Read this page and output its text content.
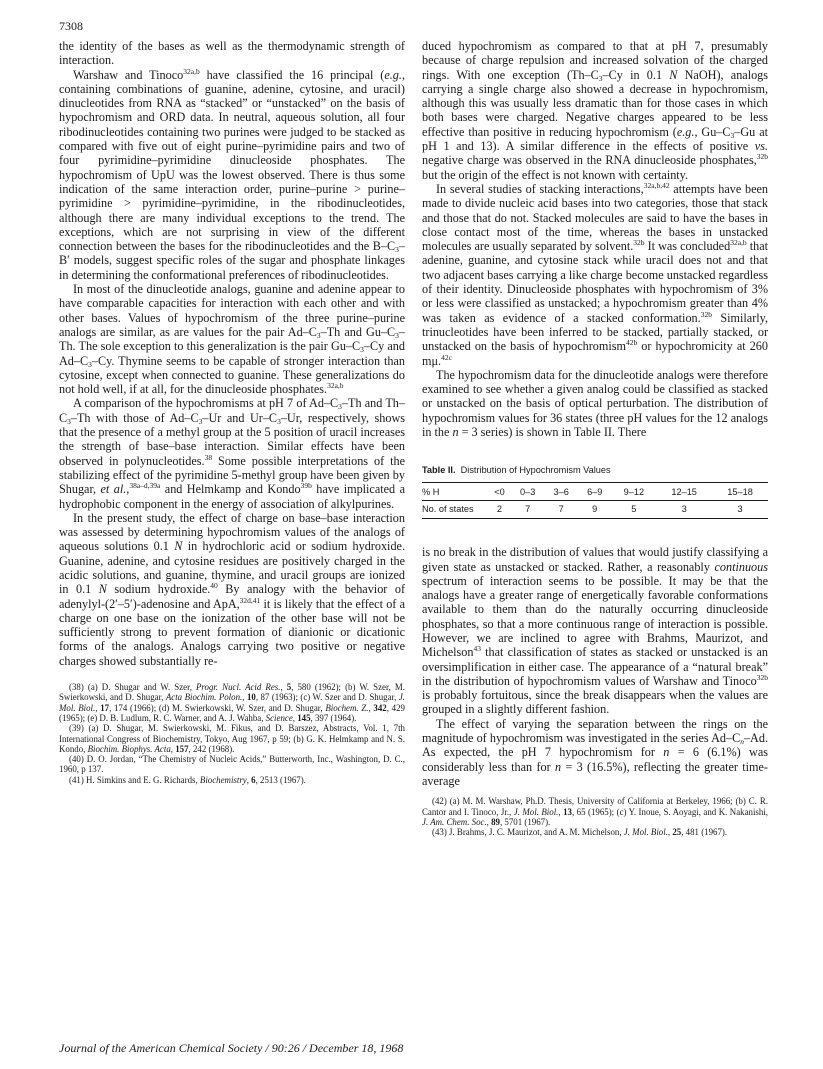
7308

the identity of the bases as well as the thermodynamic strength of interaction.

Warshaw and Tinoco$^{32a,b}$ have classified the 16 principal (e.g., containing combinations of guanine, adenine, cytosine, and uracil) dinucleotides from RNA as “stacked” or “unstacked” on the basis of hypochromism and ORD data. In neutral, aqueous solution, all four ribodinucleotides containing two purines were judged to be stacked as compared with five out of eight purine–pyrimidine pairs and two of four pyrimidine–pyrimidine dinucleoside phosphates. The hypochromism of UpU was the lowest observed. There is thus some indication of the same interaction order, purine–purine > purine–pyrimidine > pyrimidine–pyrimidine, in the ribodinucleotides, although there are many individual exceptions to the trend. The exceptions, which are not surprising in view of the different connection between the bases for the ribodinucleotides and the $B-C_3-B'$ models, suggest specific roles of the sugar and phosphate linkages in determining the conformational preferences of ribodinucleotides.

In most of the dinucleotide analogs, guanine and adenine appear to have comparable capacities for interaction with each other and with other bases. Values of hypochromism of the three purine–purine analogs are similar, as are values for the pair $Ad-C_3-Th$ and $Gu-C_3-Th$. The sole exception to this generalization is the pair $Gu-C_3-Cy$ and $Ad-C_3-Cy$. Thymine seems to be capable of stronger interaction than cytosine, except when connected to guanine. These generalizations do not hold well, if at all, for the dinucleoside phosphates.$^{32a,b}$

A comparison of the hypochromisms at pH 7 of $Ad-C_3-Th$ and $Th-C_3-Th$ with those of $Ad-C_3-Ur$ and $Ur-C_3-Ur$, respectively, shows that the presence of a methyl group at the 5 position of uracil increases the strength of base–base interaction. Similar effects have been observed in polynucleotides.$^{38}$ Some possible interpretations of the stabilizing effect of the pyrimidine 5-methyl group have been given by Shugar, et al.,$^{38a-d,39a}$ and Helmkamp and Kondo$^{39b}$ have implicated a hydrophobic component in the energy of association of alkylpurines.

In the present study, the effect of charge on base–base interaction was assessed by determining hypochromism values of the analogs of aqueous solutions 0.1 N in hydrochloric acid or sodium hydroxide. Guanine, adenine, and cytosine residues are positively charged in the acidic solutions, and guanine, thymine, and uracil groups are ionized in 0.1 N sodium hydroxide.$^{40}$ By analogy with the behavior of adenylyl-(2′–5′)-adenosine and ApA,$^{32d,41}$ it is likely that the effect of a charge on one base on the ionization of the other base will not be sufficiently strong to prevent formation of dianionic or dicationic forms of the analogs. Analogs carrying two positive or negative charges showed substantially re-

(38) (a) D. Shugar and W. Szer, Progr. Nucl. Acid Res., 5, 580 (1962); (b) W. Szer, M. Swierkowski, and D. Shugar, Acta Biochim. Polon., 10, 87 (1963); (c) W. Szer and D. Shugar, J. Mol. Biol., 17, 174 (1966); (d) M. Swierkowski, W. Szer, and D. Shugar, Biochem. Z., 342, 429 (1965); (e) D. B. Ludlum, R. C. Warner, and A. J. Wahba, Science, 145, 397 (1964).

(39) (a) D. Shugar, M. Swierkowski, M. Fikus, and D. Barszez, Abstracts, Vol. 1, 7th International Congress of Biochemistry, Tokyo, Aug 1967, p 59; (b) G. K. Helmkamp and N. S. Kondo, Biochim. Biophys. Acta, 157, 242 (1968).

(40) D. O. Jordan, “The Chemistry of Nucleic Acids,” Butterworth, Inc., Washington, D. C., 1960, p 137.

(41) H. Simkins and E. G. Richards, Biochemistry, 6, 2513 (1967).

duced hypochromism as compared to that at pH 7, presumably because of charge repulsion and increased solvation of the charged rings. With one exception ($Th-C_3-Cy$ in 0.1 N NaOH), analogs carrying a single charge also showed a decrease in hypochromism, although this was usually less dramatic than for those cases in which both bases were charged. Negative charges appeared to be less effective than positive in reducing hypochromism (e.g., $Gu-C_3-Gu$ at pH 1 and 13). A similar difference in the effects of positive vs. negative charge was observed in the RNA dinucleoside phosphates,$^{32b}$ but the origin of the effect is not known with certainty.

In several studies of stacking interactions,$^{32a,b,42}$ attempts have been made to divide nucleic acid bases into two categories, those that stack and those that do not. Stacked molecules are said to have the bases in close contact most of the time, whereas the bases in unstacked molecules are usually separated by solvent.$^{32b}$ It was concluded$^{32a,b}$ that adenine, guanine, and cytosine stack while uracil does not and that two adjacent bases carrying a like charge become unstacked regardless of their identity. Dinucleoside phosphates with hypochromism of 3% or less were classified as unstacked; a hypochromism greater than 4% was taken as evidence of a stacked conformation.$^{32b}$ Similarly, trinucleotides have been inferred to be stacked, partially stacked, or unstacked on the basis of hypochromism$^{42b}$ or hypochromicity at 260 mμ.$^{42c}$

The hypochromism data for the dinucleotide analogs were therefore examined to see whether a given analog could be classified as stacked or unstacked on the basis of optical perturbation. The distribution of hypochromism values for 36 states (three pH values for the 12 analogs in the n = 3 series) is shown in Table II. There

Table II. Distribution of Hypochromism Values
% H	<0	0–3	3–6	6–9	9–12	12–15	15–18
No. of states	2	7	7	9	5	3	3

is no break in the distribution of values that would justify classifying a given state as unstacked or stacked. Rather, a reasonably continuous spectrum of interaction seems to be possible. It may be that the analogs have a greater range of energetically favorable conformations available to them than do the naturally occurring dinucleoside phosphates, so that a more continuous range of interaction is possible. However, we are inclined to agree with Brahms, Maurizot, and Michelson$^{43}$ that classification of states as stacked or unstacked is an oversimplification in either case. The appearance of a “natural break” in the distribution of hypochromism values of Warshaw and Tinoco$^{32b}$ is probably fortuitous, since the break disappears when the values are grouped in a slightly different fashion.

The effect of varying the separation between the rings on the magnitude of hypochromism was investigated in the series $Ad-C_n-Ad$. As expected, the pH 7 hypochromism for n = 6 (6.1%) was considerably less than for n = 3 (16.5%), reflecting the greater time-average

(42) (a) M. M. Warshaw, Ph.D. Thesis, University of California at Berkeley, 1966; (b) C. R. Cantor and I. Tinoco, Jr., J. Mol. Biol., 13, 65 (1965); (c) Y. Inoue, S. Aoyagi, and K. Nakanishi, J. Am. Chem. Soc., 89, 5701 (1967).

(43) J. Brahms, J. C. Maurizot, and A. M. Michelson, J. Mol. Biol., 25, 481 (1967).

Journal of the American Chemical Society / 90:26 / December 18, 1968
